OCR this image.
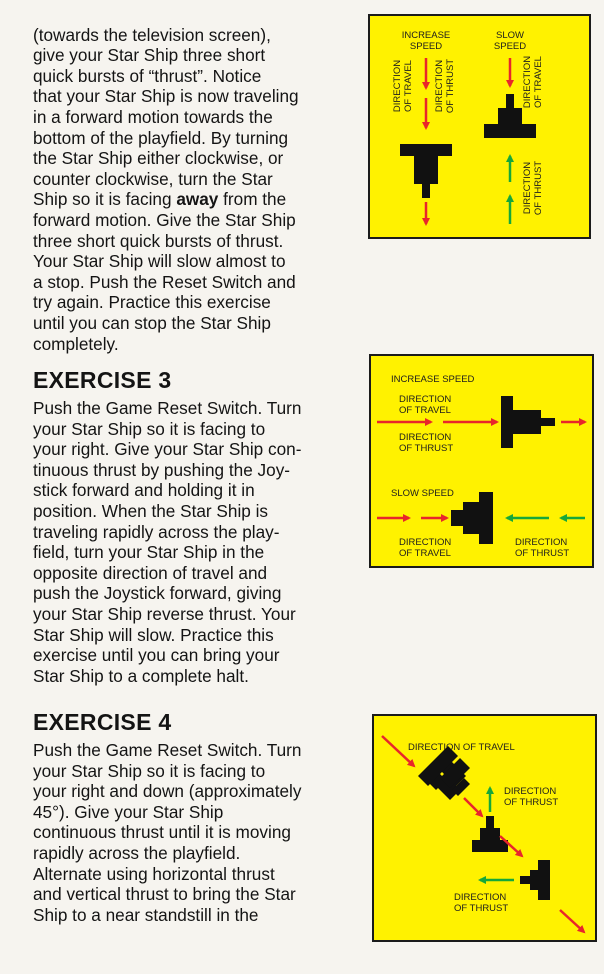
(towards the television screen),
give your Star Ship three short
quick bursts of “thrust”. Notice
that your Star Ship is now traveling
in a forward motion towards the
bottom of the playfield. By turning
the Star Ship either clockwise, or
counter clockwise, turn the Star
Ship so it is facing away from the
forward motion. Give the Star Ship
three short quick bursts of thrust.
Your Star Ship will slow almost to
a stop. Push the Reset Switch and
try again. Practice this exercise
until you can stop the Star Ship
completely.

EXERCISE 3

Push the Game Reset Switch. Turn
your Star Ship so it is facing to
your right. Give your Star Ship con-
tinuous thrust by pushing the Joy-
stick forward and holding it in
position. When the Star Ship is
traveling rapidly across the play-
field, turn your Star Ship in the
opposite direction of travel and
push the Joystick forward, giving
your Star Ship reverse thrust. Your
Star Ship will slow. Practice this
exercise until you can bring your
Star Ship to a complete halt.

EXERCISE 4

Push the Game Reset Switch. Turn
your Star Ship so it is facing to
your right and down (approximately
45°). Give your Star Ship
continuous thrust until it is moving
rapidly across the playfield.
Alternate using horizontal thrust
and vertical thrust to bring the Star
Ship to a near standstill in the

INCREASE
SPEED
SLOW
SPEED
DIRECTION OF TRAVEL DIRECTION OF THRUST	DIRECTION OF TRAVEL
DIRECTION OF THRUST
INCREASE SPEED
DIRECTION
OF TRAVEL
DIRECTION
OF THRUST
SLOW SPEED
DIRECTION
OF TRAVEL
DIRECTION
OF THRUST
DIRECTION OF TRAVEL
DIRECTION
OF THRUST
DIRECTION
OF THRUST
